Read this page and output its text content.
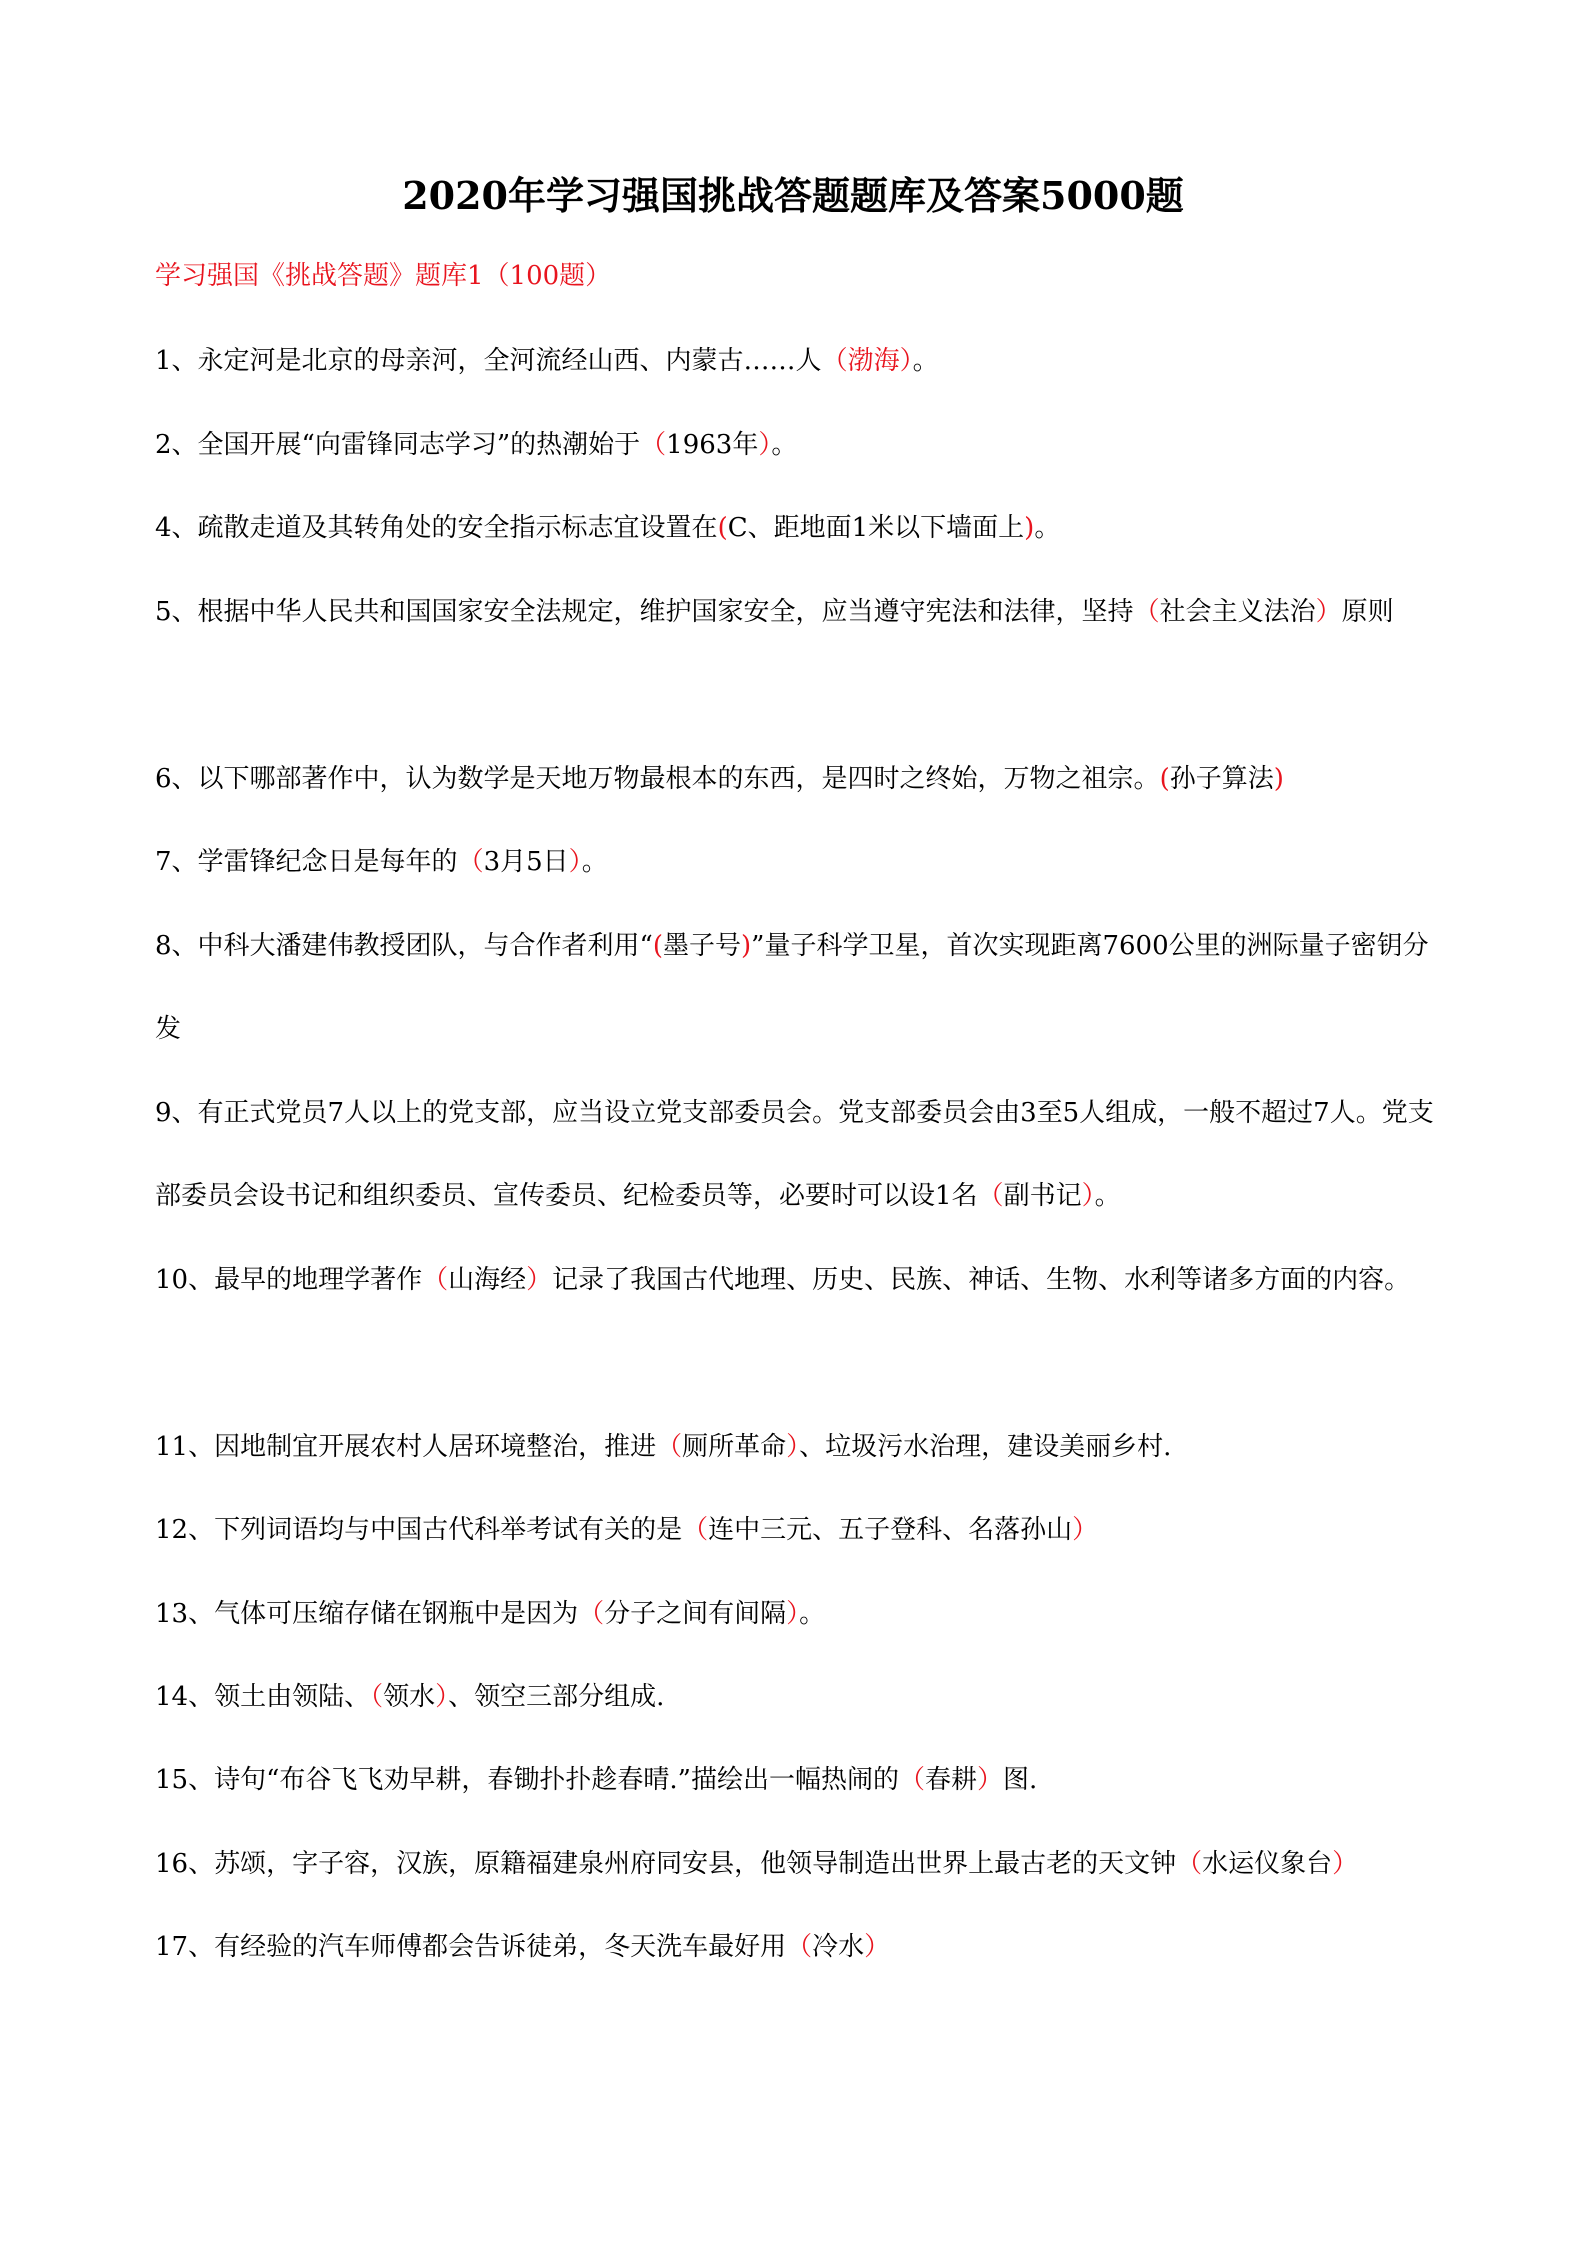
2020年学习强国挑战答题题库及答案5000题
学习强国《挑战答题》题库1（100题）

1、永定河是北京的母亲河，全河流经山西、内蒙古……人（渤海）。

2、全国开展“向雷锋同志学习”的热潮始于（1963年）。

4、疏散走道及其转角处的安全指示标志宜设置在(C、距地面1米以下墙面上)。

5、根据中华人民共和国国家安全法规定，维护国家安全，应当遵守宪法和法律，坚持（社会主义法治）原则

6、以下哪部著作中，认为数学是天地万物最根本的东西，是四时之终始，万物之祖宗。(孙子算法)

7、学雷锋纪念日是每年的（3月5日）。

8、中科大潘建伟教授团队，与合作者利用“(墨子号)”量子科学卫星，首次实现距离7600公里的洲际量子密钥分发

9、有正式党员7人以上的党支部，应当设立党支部委员会。党支部委员会由3至5人组成，一般不超过7人。党支部委员会设书记和组织委员、宣传委员、纪检委员等，必要时可以设1名（副书记）。

10、最早的地理学著作（山海经）记录了我国古代地理、历史、民族、神话、生物、水利等诸多方面的内容。

11、因地制宜开展农村人居环境整治，推进（厕所革命）、垃圾污水治理，建设美丽乡村.

12、下列词语均与中国古代科举考试有关的是（连中三元、五子登科、名落孙山）

13、气体可压缩存储在钢瓶中是因为（分子之间有间隔）。

14、领土由领陆、（领水）、领空三部分组成.

15、诗句“布谷飞飞劝早耕，春锄扑扑趁春晴.”描绘出一幅热闹的（春耕）图.

16、苏颂，字子容，汉族，原籍福建泉州府同安县，他领导制造出世界上最古老的天文钟（水运仪象台）

17、有经验的汽车师傅都会告诉徒弟，冬天洗车最好用（冷水）
